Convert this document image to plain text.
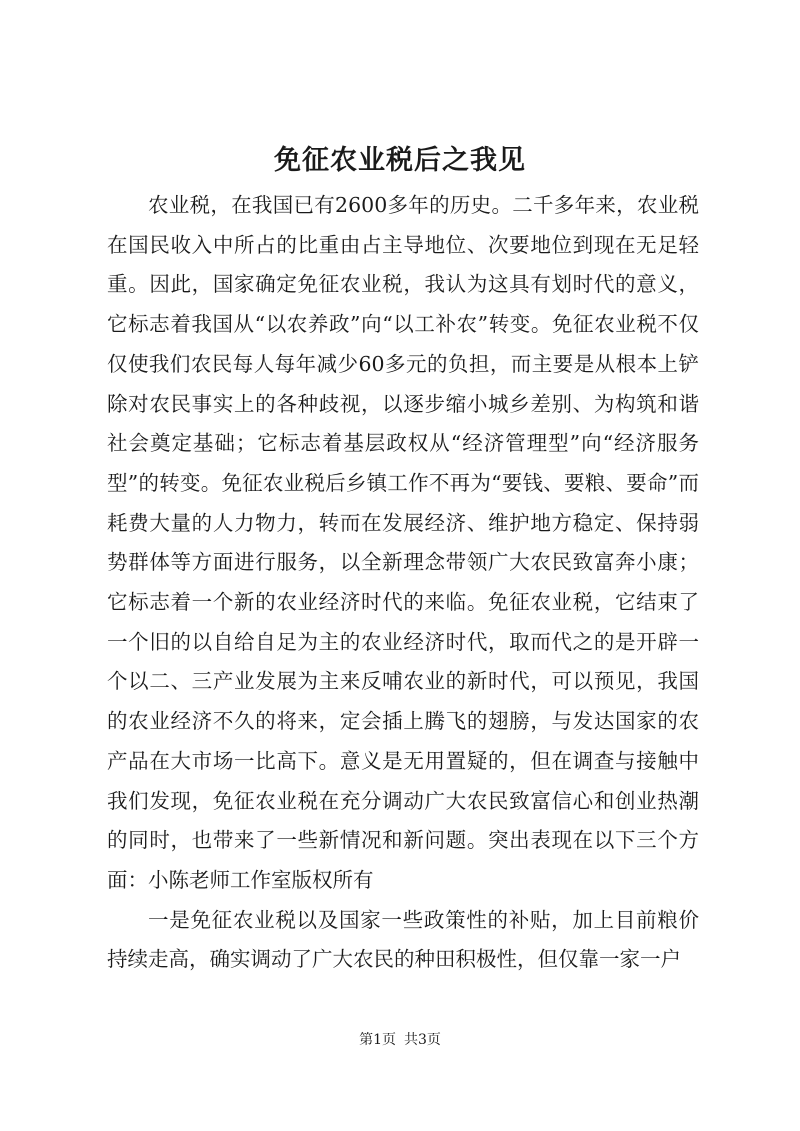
免征农业税后之我见

农业税，在我国已有2600多年的历史。二千多年来，农业税在国民收入中所占的比重由占主导地位、次要地位到现在无足轻重。因此，国家确定免征农业税，我认为这具有划时代的意义，它标志着我国从“以农养政”向“以工补农”转变。免征农业税不仅仅使我们农民每人每年减少60多元的负担，而主要是从根本上铲除对农民事实上的各种歧视，以逐步缩小城乡差别、为构筑和谐社会奠定基础；它标志着基层政权从“经济管理型”向“经济服务型”的转变。免征农业税后乡镇工作不再为“要钱、要粮、要命”而耗费大量的人力物力，转而在发展经济、维护地方稳定、保持弱势群体等方面进行服务，以全新理念带领广大农民致富奔小康；它标志着一个新的农业经济时代的来临。免征农业税，它结束了一个旧的以自给自足为主的农业经济时代，取而代之的是开辟一个以二、三产业发展为主来反哺农业的新时代，可以预见，我国的农业经济不久的将来，定会插上腾飞的翅膀，与发达国家的农产品在大市场一比高下。意义是无用置疑的，但在调查与接触中我们发现，免征农业税在充分调动广大农民致富信心和创业热潮的同时，也带来了一些新情况和新问题。突出表现在以下三个方面：小陈老师工作室版权所有

一是免征农业税以及国家一些政策性的补贴，加上目前粮价持续走高，确实调动了广大农民的种田积极性，但仅靠一家一户

第1页 共3页
